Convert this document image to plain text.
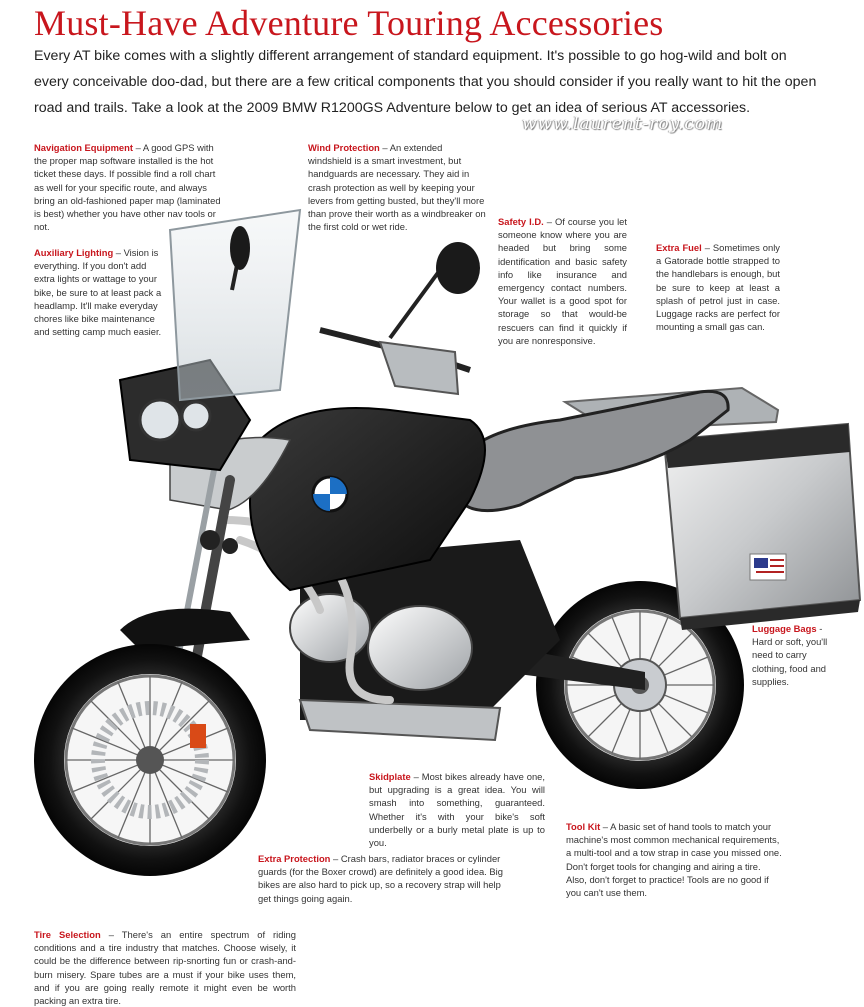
Must-Have Adventure Touring Accessories

Every AT bike comes with a slightly different arrangement of standard equipment. It's possible to go hog-wild and bolt on every conceivable doo-dad, but there are a few critical components that you should consider if you really want to hit the open road and trails. Take a look at the 2009 BMW R1200GS Adventure below to get an idea of serious AT accessories.

www.laurent-roy.com

Navigation Equipment – A good GPS with the proper map software installed is the hot ticket these days. If possible find a roll chart as well for your specific route, and always bring an old-fashioned paper map (laminated is best) whether you have other nav tools or not.

Wind Protection – An extended windshield is a smart investment, but handguards are necessary. They aid in crash protection as well by keeping your levers from getting busted, but they'll more than prove their worth as a windbreaker on the first cold or wet ride.	Safety I.D. – Of course you let someone know where you are headed but bring some identification and basic safety info like insurance and emergency contact numbers. Your wallet is a good spot for storage so that would-be rescuers can find it quickly if you are nonresponsive.

Extra Fuel – Sometimes only a Gatorade bottle strapped to the handlebars is enough, but be sure to keep at least a splash of petrol just in case. Luggage racks are perfect for mounting a small gas can.

Auxiliary Lighting – Vision is everything. If you don't add extra lights or wattage to your bike, be sure to at least pack a headlamp. It'll make everyday chores like bike maintenance and setting camp much easier.

Luggage Bags - Hard or soft, you'll need to carry clothing, food and supplies.

Skidplate – Most bikes already have one, but upgrading is a great idea. You will smash into something, guaranteed. Whether it's with your bike's soft underbelly or a burly metal plate is up to you.

Tool Kit – A basic set of hand tools to match your machine's most common mechanical requirements, a multi-tool and a tow strap in case you missed one. Don't forget tools for changing and airing a tire. Also, don't forget to practice! Tools are no good if you can't use them.

Extra Protection – Crash bars, radiator braces or cylinder guards (for the Boxer crowd) are definitely a good idea. Big bikes are also hard to pick up, so a recovery strap will help get things going again.

Tire Selection – There's an entire spectrum of riding conditions and a tire industry that matches. Choose wisely, it could be the difference between rip-snorting fun or crash-and-burn misery. Spare tubes are a must if your bike uses them, and if you are going really remote it might even be worth packing an extra tire.
